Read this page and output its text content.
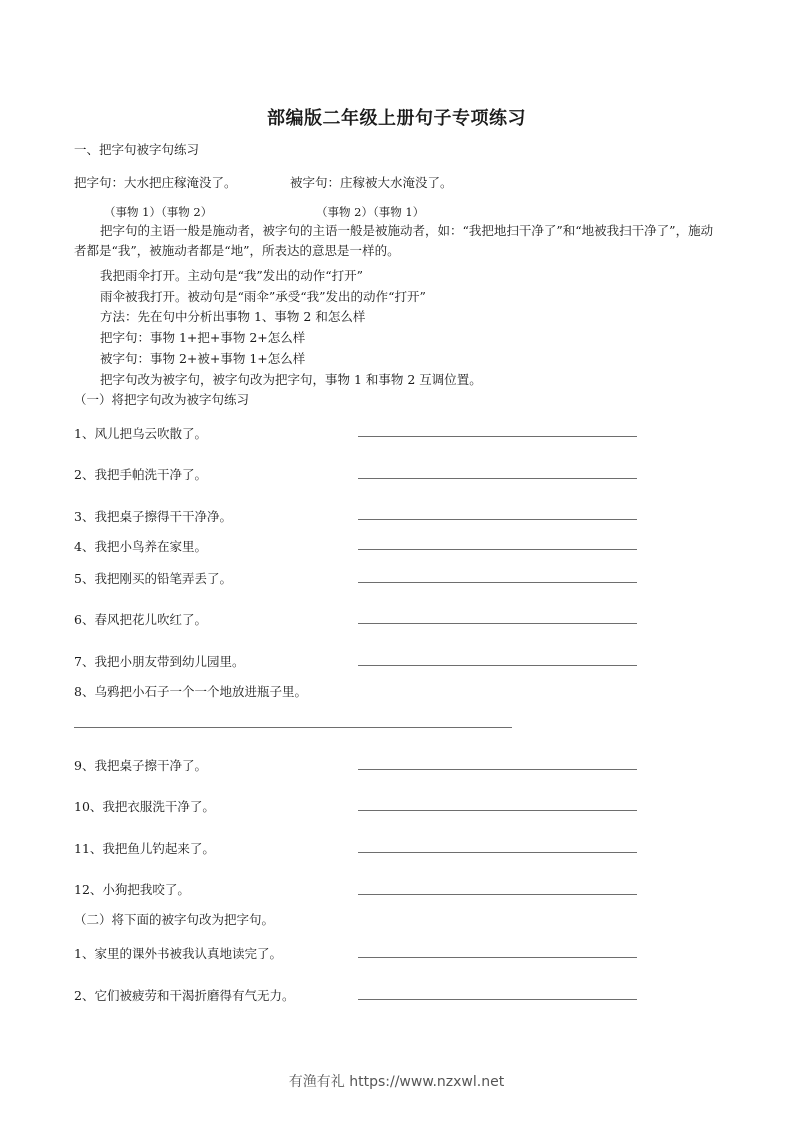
部编版二年级上册句子专项练习
一、把字句被字句练习
把字句：大水把庄稼淹没了。	被字句：庄稼被大水淹没了。
（事物 1）（事物 2）	（事物 2）（事物 1）
把字句的主语一般是施动者，被字句的主语一般是被施动者，如：“我把地扫干净了”和“地被我扫干净了”，施动者都是“我”，被施动者都是“地”，所表达的意思是一样的。
我把雨伞打开。主动句是“我”发出的动作“打开”
雨伞被我打开。被动句是“雨伞”承受“我”发出的动作“打开”
方法：先在句中分析出事物 1、事物 2 和怎么样
把字句：事物 1+把+事物 2+怎么样
被字句：事物 2+被+事物 1+怎么样
把字句改为被字句，被字句改为把字句，事物 1 和事物 2 互调位置。
（一）将把字句改为被字句练习
1、风儿把乌云吹散了。
2、我把手帕洗干净了。
3、我把桌子擦得干干净净。
4、我把小鸟养在家里。
5、我把刚买的铅笔弄丢了。
6、春风把花儿吹红了。
7、我把小朋友带到幼儿园里。
8、乌鸦把小石子一个一个地放进瓶子里。
9、我把桌子擦干净了。
10、我把衣服洗干净了。
11、我把鱼儿钓起来了。
12、小狗把我咬了。
（二）将下面的被字句改为把字句。
1、家里的课外书被我认真地读完了。
2、它们被疲劳和干渴折磨得有气无力。
有渔有礼 https://www.nzxwl.net
